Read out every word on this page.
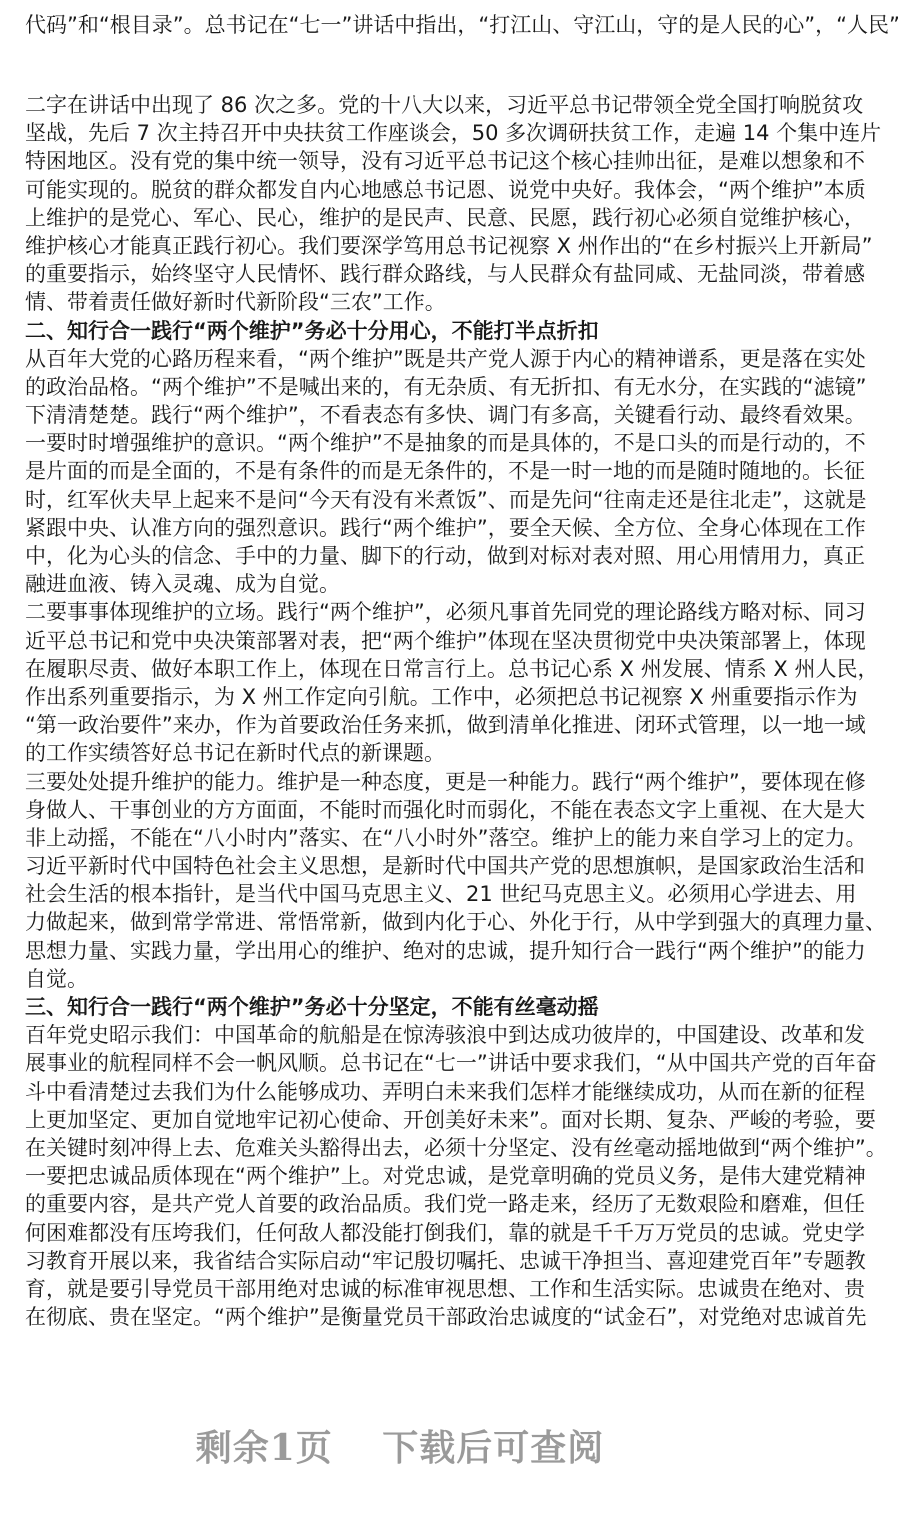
代码”和“根目录”。总书记在“七一”讲话中指出，“打江山、守江山，守的是人民的心”，“人民”
二字在讲话中出现了 86 次之多。党的十八大以来，习近平总书记带领全党全国打响脱贫攻
坚战，先后 7 次主持召开中央扶贫工作座谈会，50 多次调研扶贫工作，走遍 14 个集中连片
特困地区。没有党的集中统一领导，没有习近平总书记这个核心挂帅出征，是难以想象和不
可能实现的。脱贫的群众都发自内心地感总书记恩、说党中央好。我体会，“两个维护”本质
上维护的是党心、军心、民心，维护的是民声、民意、民愿，践行初心必须自觉维护核心，
维护核心才能真正践行初心。我们要深学笃用总书记视察 X 州作出的“在乡村振兴上开新局”
的重要指示，始终坚守人民情怀、践行群众路线，与人民群众有盐同咸、无盐同淡，带着感
情、带着责任做好新时代新阶段“三农”工作。
二、知行合一践行“两个维护”务必十分用心，不能打半点折扣
从百年大党的心路历程来看，“两个维护”既是共产党人源于内心的精神谱系，更是落在实处
的政治品格。“两个维护”不是喊出来的，有无杂质、有无折扣、有无水分，在实践的“滤镜”
下清清楚楚。践行“两个维护”，不看表态有多快、调门有多高，关键看行动、最终看效果。
一要时时增强维护的意识。“两个维护”不是抽象的而是具体的，不是口头的而是行动的，不
是片面的而是全面的，不是有条件的而是无条件的，不是一时一地的而是随时随地的。长征
时，红军伙夫早上起来不是问“今天有没有米煮饭”、而是先问“往南走还是往北走”，这就是
紧跟中央、认准方向的强烈意识。践行“两个维护”，要全天候、全方位、全身心体现在工作
中，化为心头的信念、手中的力量、脚下的行动，做到对标对表对照、用心用情用力，真正
融进血液、铸入灵魂、成为自觉。
二要事事体现维护的立场。践行“两个维护”，必须凡事首先同党的理论路线方略对标、同习
近平总书记和党中央决策部署对表，把“两个维护”体现在坚决贯彻党中央决策部署上，体现
在履职尽责、做好本职工作上，体现在日常言行上。总书记心系 X 州发展、情系 X 州人民，
作出系列重要指示，为 X 州工作定向引航。工作中，必须把总书记视察 X 州重要指示作为
“第一政治要件”来办，作为首要政治任务来抓，做到清单化推进、闭环式管理，以一地一域
的工作实绩答好总书记在新时代点的新课题。
三要处处提升维护的能力。维护是一种态度，更是一种能力。践行“两个维护”，要体现在修
身做人、干事创业的方方面面，不能时而强化时而弱化，不能在表态文字上重视、在大是大
非上动摇，不能在“八小时内”落实、在“八小时外”落空。维护上的能力来自学习上的定力。
习近平新时代中国特色社会主义思想，是新时代中国共产党的思想旗帜，是国家政治生活和
社会生活的根本指针，是当代中国马克思主义、21 世纪马克思主义。必须用心学进去、用
力做起来，做到常学常进、常悟常新，做到内化于心、外化于行，从中学到强大的真理力量、
思想力量、实践力量，学出用心的维护、绝对的忠诚，提升知行合一践行“两个维护”的能力
自觉。
三、知行合一践行“两个维护”务必十分坚定，不能有丝毫动摇
百年党史昭示我们：中国革命的航船是在惊涛骇浪中到达成功彼岸的，中国建设、改革和发
展事业的航程同样不会一帆风顺。总书记在“七一”讲话中要求我们，“从中国共产党的百年奋
斗中看清楚过去我们为什么能够成功、弄明白未来我们怎样才能继续成功，从而在新的征程
上更加坚定、更加自觉地牢记初心使命、开创美好未来”。面对长期、复杂、严峻的考验，要
在关键时刻冲得上去、危难关头豁得出去，必须十分坚定、没有丝毫动摇地做到“两个维护”。
一要把忠诚品质体现在“两个维护”上。对党忠诚，是党章明确的党员义务，是伟大建党精神
的重要内容，是共产党人首要的政治品质。我们党一路走来，经历了无数艰险和磨难，但任
何困难都没有压垮我们，任何敌人都没能打倒我们，靠的就是千千万万党员的忠诚。党史学
习教育开展以来，我省结合实际启动“牢记殷切嘱托、忠诚干净担当、喜迎建党百年”专题教
育，就是要引导党员干部用绝对忠诚的标准审视思想、工作和生活实际。忠诚贵在绝对、贵
在彻底、贵在坚定。“两个维护”是衡量党员干部政治忠诚度的“试金石”，对党绝对忠诚首先
剩余1页 下载后可查阅
